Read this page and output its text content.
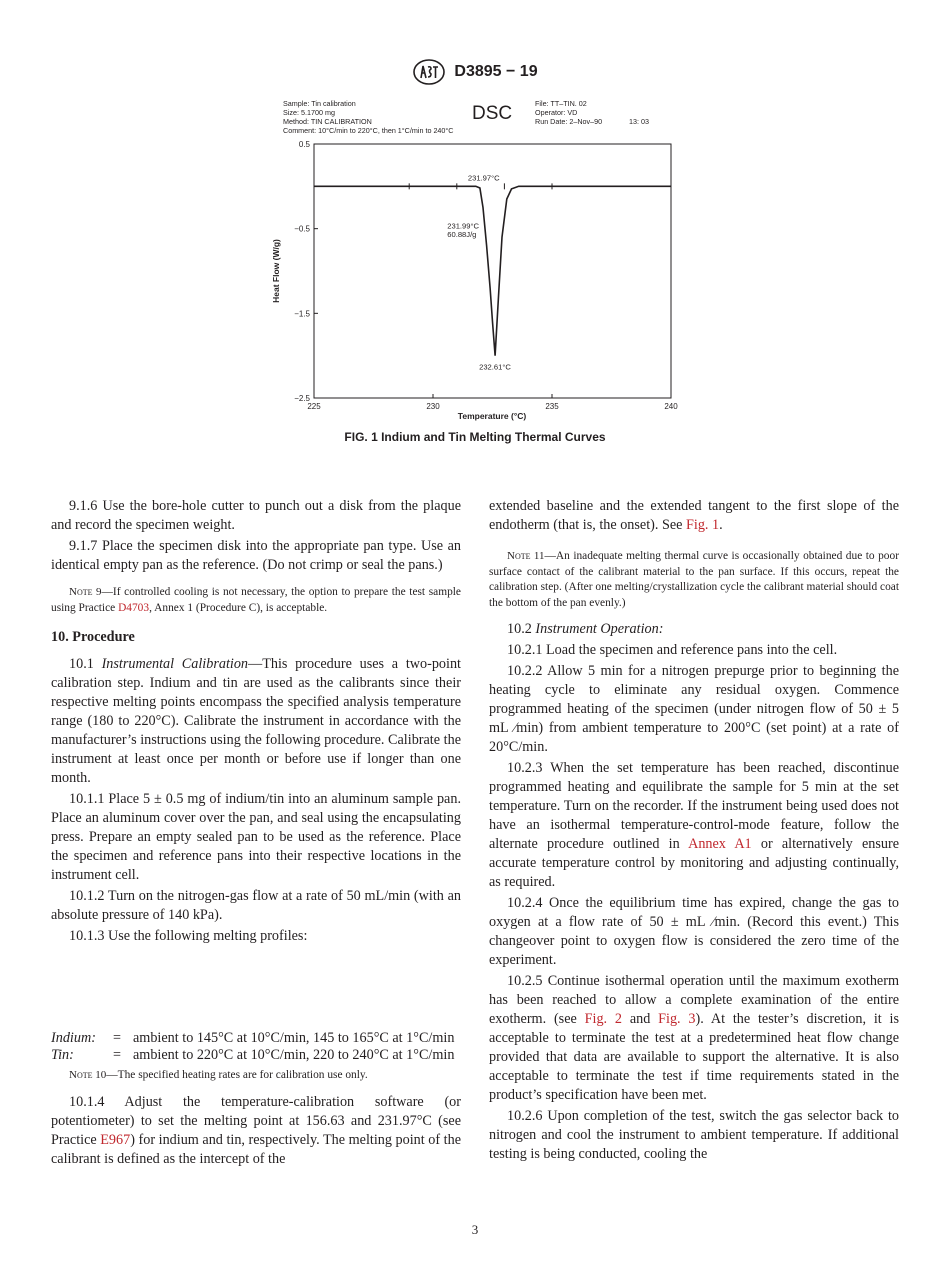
D3895 − 19
Sample: Tin calibration
Size: 5.1700 mg
Method: TIN CALIBRATION
Comment: 10°C/min to 220°C, then 1°C/min to 240°C
DSC	File: TT–TIN. 02
Operator: VD
Run Date: 2–Nov–90	13: 03
225	230	235	240
0.5
−0.5
−1.5
−2.5
231.97°C
231.99°C
60.88J/g
232.61°C
Temperature (°C)
Heat Flow (W/g)
FIG. 1 Indium and Tin Melting Thermal Curves

9.1.6 Use the bore-hole cutter to punch out a disk from the plaque and record the specimen weight.

9.1.7 Place the specimen disk into the appropriate pan type. Use an identical empty pan as the reference. (Do not crimp or seal the pans.)

Note 9—If controlled cooling is not necessary, the option to prepare the test sample using Practice D4703, Annex 1 (Procedure C), is acceptable.

10. Procedure

10.1 Instrumental Calibration—This procedure uses a two-point calibration step. Indium and tin are used as the calibrants since their respective melting points encompass the specified analysis temperature range (180 to 220°C). Calibrate the instrument in accordance with the manufacturer’s instructions using the following procedure. Calibrate the instrument at least once per month or before use if longer than one month.

10.1.1 Place 5 ± 0.5 mg of indium/tin into an aluminum sample pan. Place an aluminum cover over the pan, and seal using the encapsulating press. Prepare an empty sealed pan to be used as the reference. Place the specimen and reference pans into their respective locations in the instrument cell.

10.1.2 Turn on the nitrogen-gas flow at a rate of 50 mL/min (with an absolute pressure of 140 kPa).

10.1.3 Use the following melting profiles:

Indium:	= ambient to 145°C at 10°C/min, 145 to 165°C at 1°C/min
Tin:	= ambient to 220°C at 10°C/min, 220 to 240°C at 1°C/min

Note 10—The specified heating rates are for calibration use only.

10.1.4 Adjust the temperature-calibration software (or potentiometer) to set the melting point at 156.63 and 231.97°C (see Practice E967) for indium and tin, respectively. The melting point of the calibrant is defined as the intercept of the

extended baseline and the extended tangent to the first slope of the endotherm (that is, the onset). See Fig. 1.

Note 11—An inadequate melting thermal curve is occasionally obtained due to poor surface contact of the calibrant material to the pan surface. If this occurs, repeat the calibration step. (After one melting/crystallization cycle the calibrant material should coat the bottom of the pan evenly.)

10.2 Instrument Operation:

10.2.1 Load the specimen and reference pans into the cell.

10.2.2 Allow 5 min for a nitrogen prepurge prior to beginning the heating cycle to eliminate any residual oxygen. Commence programmed heating of the specimen (under nitrogen flow of 50 ± 5 mL ⁄min) from ambient temperature to 200°C (set point) at a rate of 20°C/min.

10.2.3 When the set temperature has been reached, discontinue programmed heating and equilibrate the sample for 5 min at the set temperature. Turn on the recorder. If the instrument being used does not have an isothermal temperature-control-mode feature, follow the alternate procedure outlined in Annex A1 or alternatively ensure accurate temperature control by monitoring and adjusting continually, as required.

10.2.4 Once the equilibrium time has expired, change the gas to oxygen at a flow rate of 50 ± mL ⁄min. (Record this event.) This changeover point to oxygen flow is considered the zero time of the experiment.

10.2.5 Continue isothermal operation until the maximum exotherm has been reached to allow a complete examination of the entire exotherm. (see Fig. 2 and Fig. 3). At the tester’s discretion, it is acceptable to terminate the test at a predetermined heat flow change provided that data are available to support the alternative. It is also acceptable to terminate the test if time requirements stated in the product’s specification have been met.

10.2.6 Upon completion of the test, switch the gas selector back to nitrogen and cool the instrument to ambient temperature. If additional testing is being conducted, cooling the

3
